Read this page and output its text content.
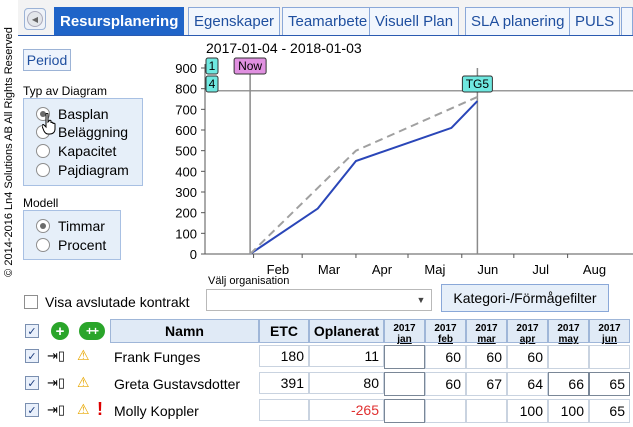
© 2014-2016 Ln4 Solutions AB All Rights Reserved
◀	Resursplanering	Egenskaper Teamarbete Visuell Plan	SLA planering PULS
Period
Typ av Diagram
Basplan
Beläggning
Kapacitet
Pajdiagram
Modell
Timmar
Procent
2017-01-04 - 2018-01-03
0
100
200
300
400
500
600
700
800
900
Feb Mar Apr Maj Jun	Jul	Aug
Now
TG5
1
4
Visa avslutade kontrakt
Välj organisation
▼	Kategori-/Förmågefilter
✓	+	++	Namn	ETC	Oplanerat	2017
jan
2017
feb
2017
mar
2017
apr
2017
may
2017
jun
✓ ⇥▯ ⚠ Frank Funges	180	11	60	60	60
✓ ⇥▯ ⚠ Greta Gustavsdotter	391	80	60	67	64	66	65
✓ ⇥▯ ⚠ ! Molly Koppler	-265	100	100	65
